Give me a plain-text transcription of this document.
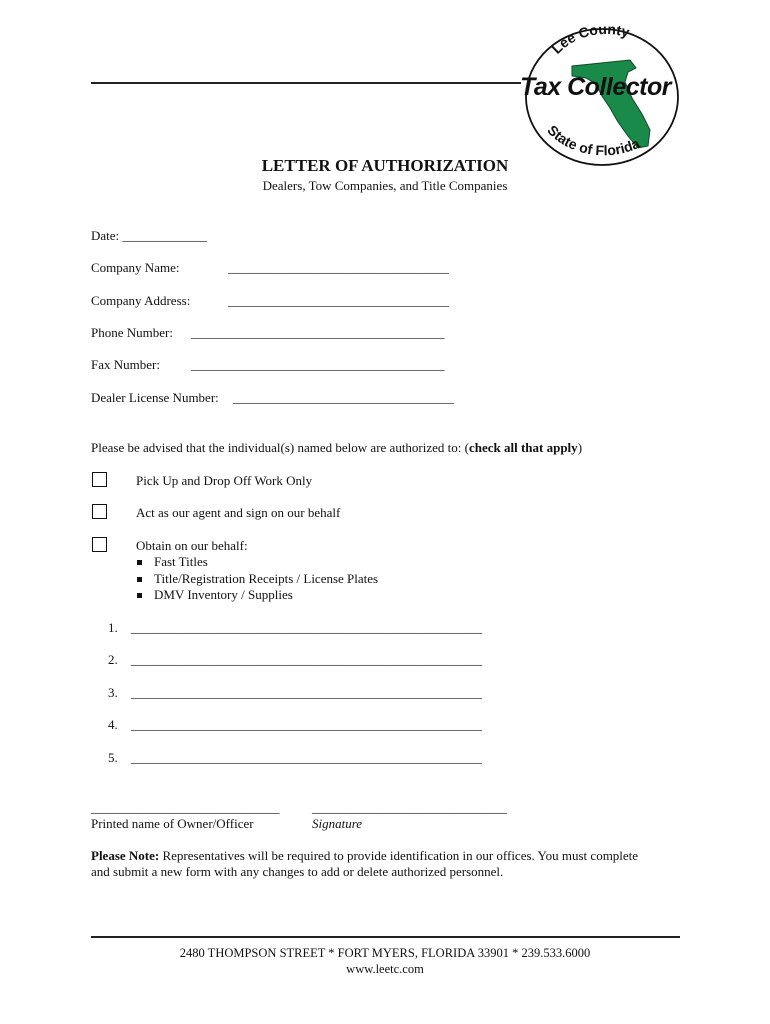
Lee County
State of Florida
Tax Collector
LETTER OF AUTHORIZATION
Dealers, Tow Companies, and Title Companies
Date: _____________
Company Name:	__________________________________
Company Address:	__________________________________
Phone Number: _______________________________________
Fax Number: _______________________________________
Dealer License Number: __________________________________
Please be advised that the individual(s) named below are authorized to: (check all that apply)
Pick Up and Drop Off Work Only
Act as our agent and sign on our behalf
Obtain on our behalf:
Fast Titles
Title/Registration Receipts / License Plates
DMV Inventory / Supplies
1. ______________________________________________________
2. ______________________________________________________
3. ______________________________________________________
4. ______________________________________________________
5. ______________________________________________________
_____________________________	______________________________
Printed name of Owner/Officer	Signature
Please Note: Representatives will be required to provide identification in our offices. You must complete
and submit a new form with any changes to add or delete authorized personnel.
2480 THOMPSON STREET * FORT MYERS, FLORIDA 33901 * 239.533.6000
www.leetc.com
